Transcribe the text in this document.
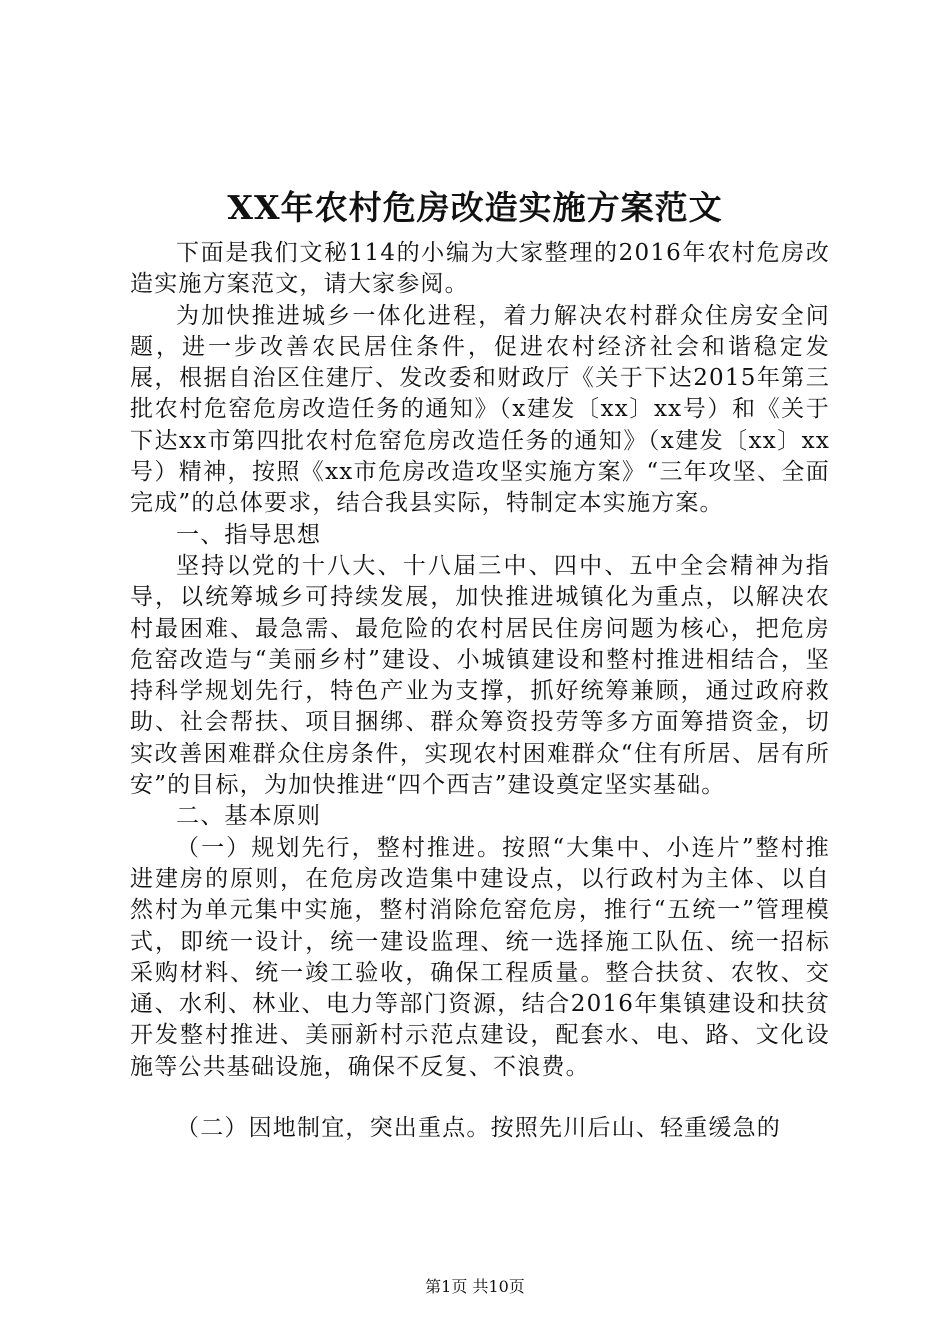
XX年农村危房改造实施方案范文

下面是我们文秘114的小编为大家整理的2016年农村危房改造实施方案范文，请大家参阅。

为加快推进城乡一体化进程，着力解决农村群众住房安全问题，进一步改善农民居住条件，促进农村经济社会和谐稳定发展，根据自治区住建厅、发改委和财政厅《关于下达2015年第三批农村危窑危房改造任务的通知》（x建发〔xx〕xx号）和《关于下达xx市第四批农村危窑危房改造任务的通知》（x建发〔xx〕xx号）精神，按照《xx市危房改造攻坚实施方案》“三年攻坚、全面完成”的总体要求，结合我县实际，特制定本实施方案。

一、指导思想

坚持以党的十八大、十八届三中、四中、五中全会精神为指导，以统筹城乡可持续发展，加快推进城镇化为重点，以解决农村最困难、最急需、最危险的农村居民住房问题为核心，把危房危窑改造与“美丽乡村”建设、小城镇建设和整村推进相结合，坚持科学规划先行，特色产业为支撑，抓好统筹兼顾，通过政府救助、社会帮扶、项目捆绑、群众筹资投劳等多方面筹措资金，切实改善困难群众住房条件，实现农村困难群众“住有所居、居有所安”的目标，为加快推进“四个西吉”建设奠定坚实基础。

二、基本原则

（一）规划先行，整村推进。按照“大集中、小连片”整村推进建房的原则，在危房改造集中建设点，以行政村为主体、以自然村为单元集中实施，整村消除危窑危房，推行“五统一”管理模式，即统一设计，统一建设监理、统一选择施工队伍、统一招标采购材料、统一竣工验收，确保工程质量。整合扶贫、农牧、交通、水利、林业、电力等部门资源，结合2016年集镇建设和扶贫开发整村推进、美丽新村示范点建设，配套水、电、路、文化设施等公共基础设施，确保不反复、不浪费。

（二）因地制宜，突出重点。按照先川后山、轻重缓急的

第1页 共10页
